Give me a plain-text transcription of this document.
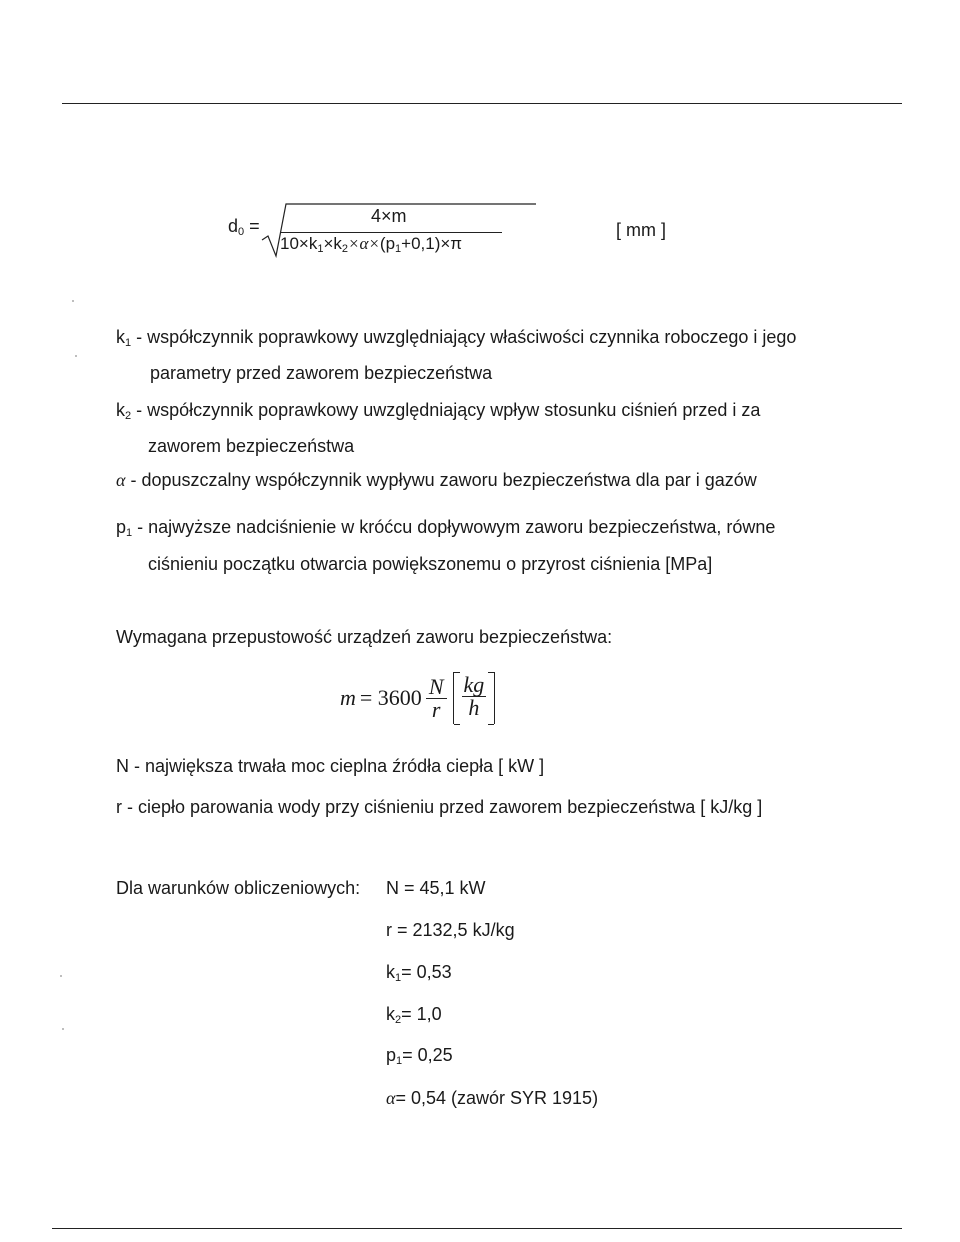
$d_0$ =	4×m
$10\times k_1\times k_2\times\alpha\times(p_1+0,1)\times\pi$
[ mm ]
$k_1$ - współczynnik poprawkowy uwzględniający właściwości czynnika roboczego i jego
parametry przed zaworem bezpieczeństwa
$k_2$ - współczynnik poprawkowy uwzględniający wpływ stosunku ciśnień przed i za
zaworem bezpieczeństwa
α - dopuszczalny współczynnik wypływu zaworu bezpieczeństwa dla par i gazów
$p_1$ - najwyższe nadciśnienie w króćcu dopływowym zaworu bezpieczeństwa, równe
ciśnieniu początku otwarcia powiększonemu o przyrost ciśnienia [MPa]
Wymagana przepustowość urządzeń zaworu bezpieczeństwa:
$m = 3600 \frac{N}{r} \frac{kg}{h}$
N - największa trwała moc cieplna źródła ciepła [ kW ]
r - ciepło parowania wody przy ciśnieniu przed zaworem bezpieczeństwa [ kJ/kg ]
Dla warunków obliczeniowych: N = 45,1 kW
r = 2132,5 kJ/kg
$k_1= 0,53$
$k_2= 1,0$
$p_1= 0,25$
α= 0,54 (zawór SYR 1915)
